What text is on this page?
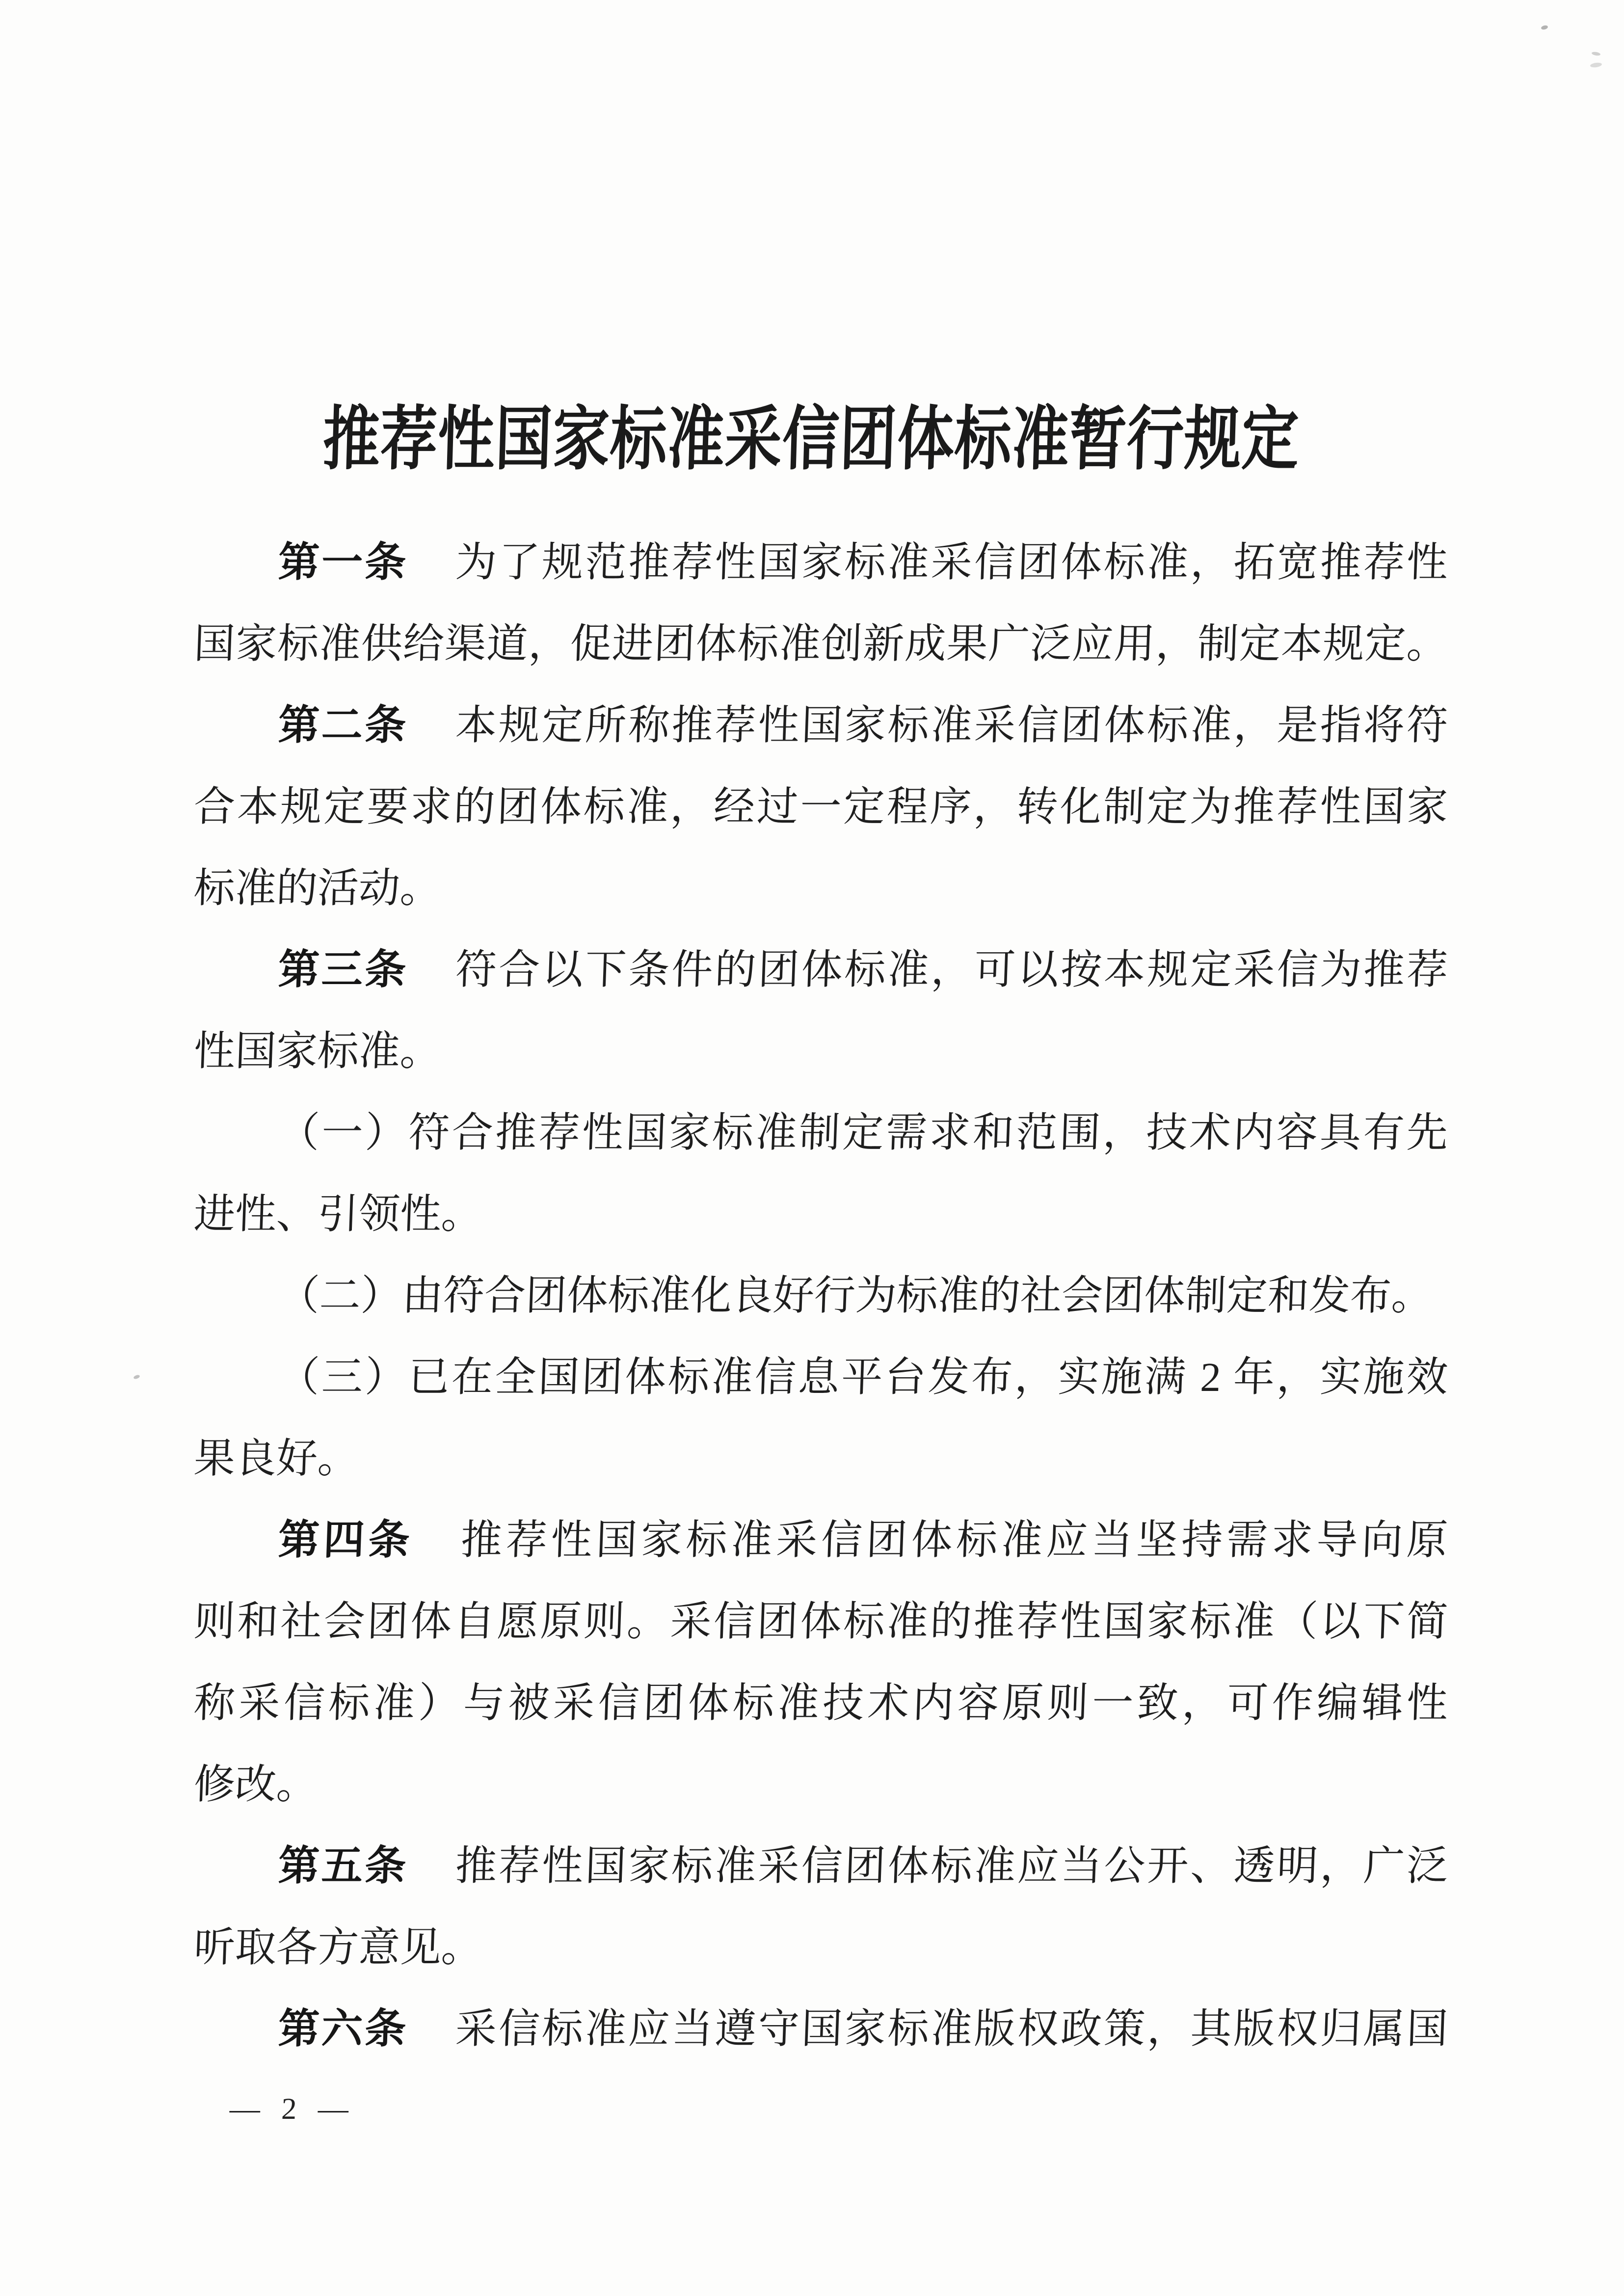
推荐性国家标准采信团体标准暂行规定
第一条 为了规范推荐性国家标准采信团体标准，拓宽推荐性
国家标准供给渠道，促进团体标准创新成果广泛应用，制定本规定。
第二条 本规定所称推荐性国家标准采信团体标准，是指将符
合本规定要求的团体标准，经过一定程序，转化制定为推荐性国家
标准的活动。
第三条 符合以下条件的团体标准，可以按本规定采信为推荐
性国家标准。
（一）符合推荐性国家标准制定需求和范围，技术内容具有先
进性、引领性。
（二）由符合团体标准化良好行为标准的社会团体制定和发布。
（三）已在全国团体标准信息平台发布，实施满 2 年，实施效
果良好。
第四条 推荐性国家标准采信团体标准应当坚持需求导向原
则和社会团体自愿原则。采信团体标准的推荐性国家标准（以下简
称采信标准）与被采信团体标准技术内容原则一致，可作编辑性
修改。
第五条 推荐性国家标准采信团体标准应当公开、透明，广泛
听取各方意见。
第六条 采信标准应当遵守国家标准版权政策，其版权归属国
— 2 —
